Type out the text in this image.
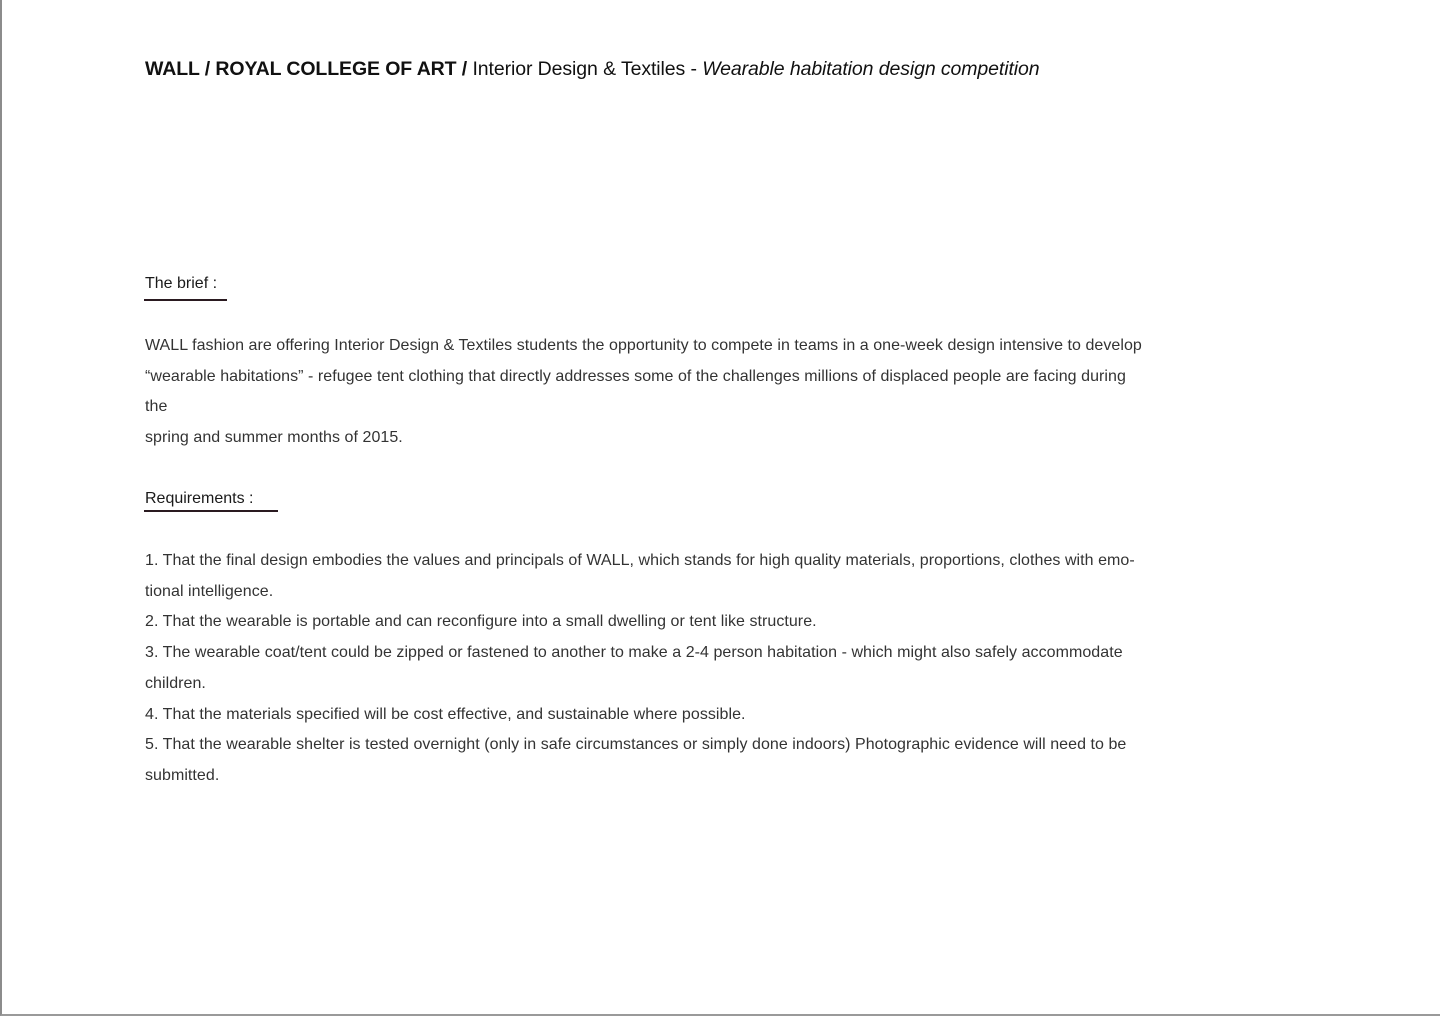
WALL / ROYAL COLLEGE OF ART / Interior Design & Textiles - Wearable habitation design competition
The brief :

WALL fashion are offering Interior Design & Textiles students the opportunity to compete in teams in a one-week design intensive to develop

“wearable habitations” - refugee tent clothing that directly addresses some of the challenges millions of displaced people are facing during

the

spring and summer months of 2015.

Requirements :

1. That the final design embodies the values and principals of WALL, which stands for high quality materials, proportions, clothes with emo-

tional intelligence.

2. That the wearable is portable and can reconfigure into a small dwelling or tent like structure.

3. The wearable coat/tent could be zipped or fastened to another to make a 2-4 person habitation - which might also safely accommodate

children.

4. That the materials specified will be cost effective, and sustainable where possible.

5. That the wearable shelter is tested overnight (only in safe circumstances or simply done indoors) Photographic evidence will need to be

submitted.
